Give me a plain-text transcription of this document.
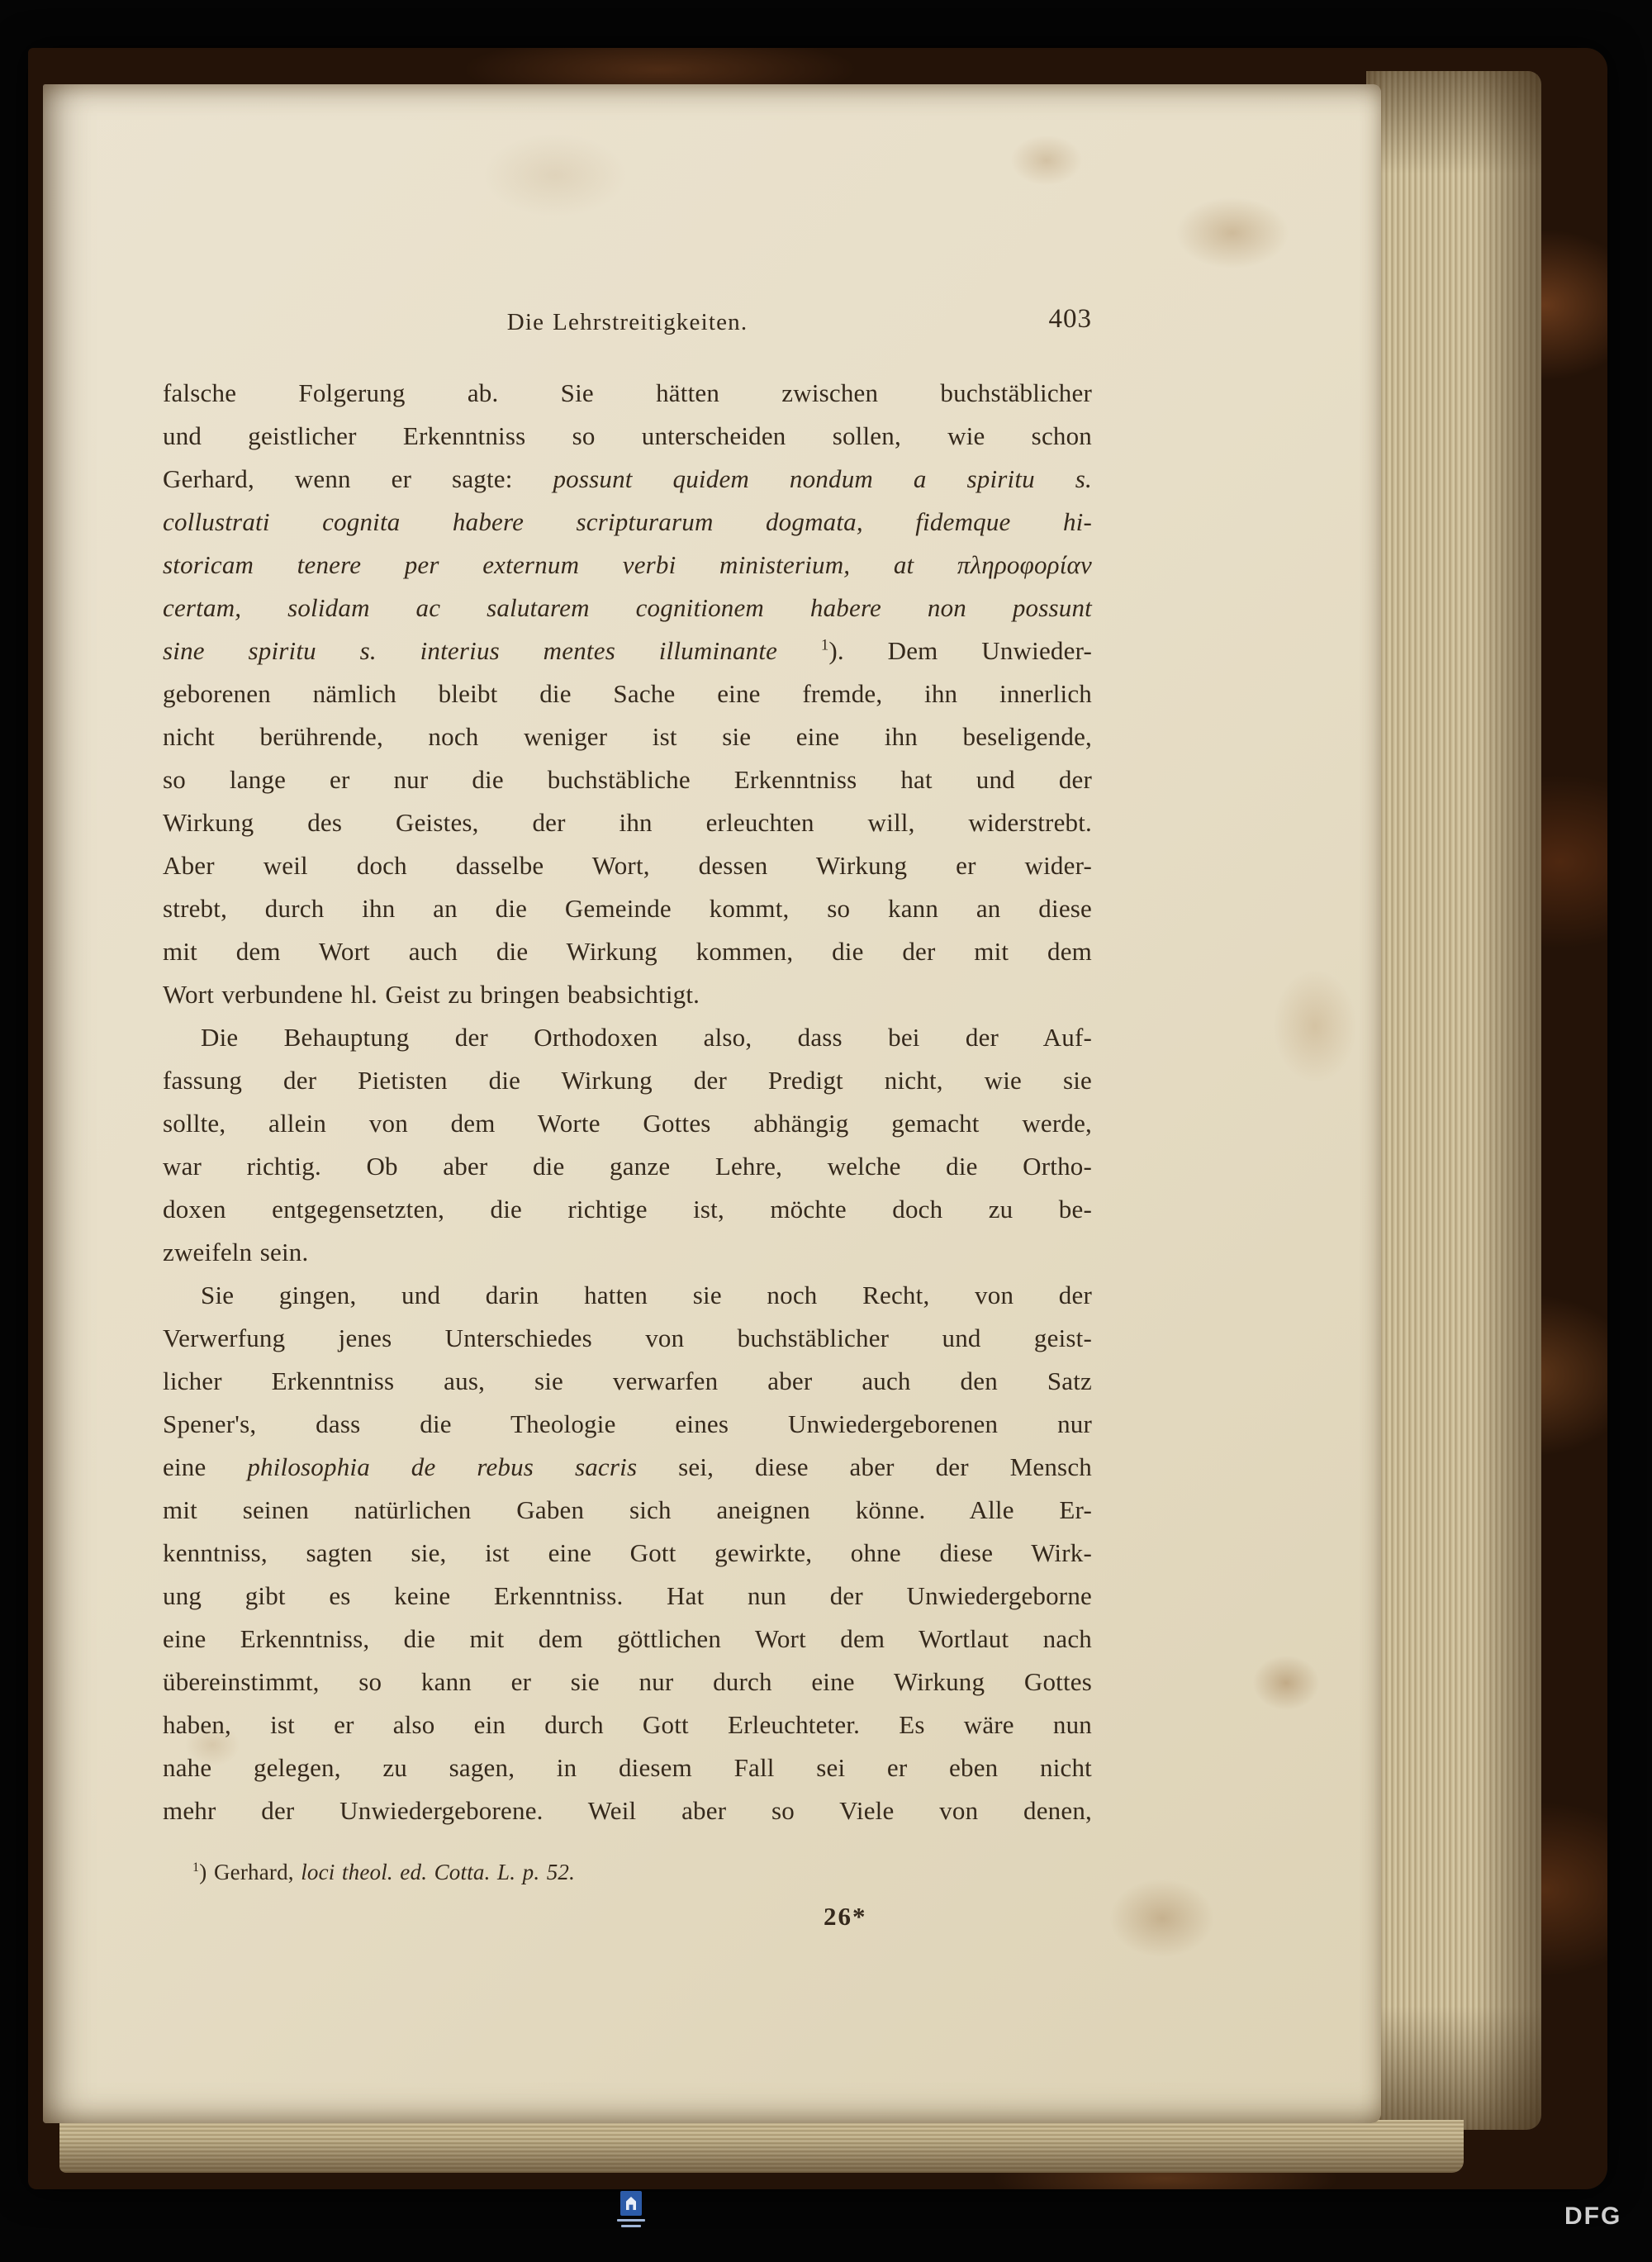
Die Lehrstreitigkeiten.	403
falsche Folgerung ab. Sie hätten zwischen buchstäblicher
und geistlicher Erkenntniss so unterscheiden sollen, wie schon
Gerhard, wenn er sagte: possunt quidem nondum a spiritu s.
collustrati cognita habere scripturarum dogmata, fidemque hi-
storicam tenere per externum verbi ministerium, at πληροφορίαν
certam, solidam ac salutarem cognitionem habere non possunt
sine spiritu s. interius mentes illuminante $^1$). Dem Unwieder-
geborenen nämlich bleibt die Sache eine fremde, ihn innerlich
nicht berührende, noch weniger ist sie eine ihn beseligende,
so lange er nur die buchstäbliche Erkenntniss hat und der
Wirkung des Geistes, der ihn erleuchten will, widerstrebt.
Aber weil doch dasselbe Wort, dessen Wirkung er wider-
strebt, durch ihn an die Gemeinde kommt, so kann an diese
mit dem Wort auch die Wirkung kommen, die der mit dem
Wort verbundene hl. Geist zu bringen beabsichtigt.
Die Behauptung der Orthodoxen also, dass bei der Auf-
fassung der Pietisten die Wirkung der Predigt nicht, wie sie
sollte, allein von dem Worte Gottes abhängig gemacht werde,
war richtig. Ob aber die ganze Lehre, welche die Ortho-
doxen entgegensetzten, die richtige ist, möchte doch zu be-
zweifeln sein.
Sie gingen, und darin hatten sie noch Recht, von der
Verwerfung jenes Unterschiedes von buchstäblicher und geist-
licher Erkenntniss aus, sie verwarfen aber auch den Satz
Spener's, dass die Theologie eines Unwiedergeborenen nur
eine philosophia de rebus sacris sei, diese aber der Mensch
mit seinen natürlichen Gaben sich aneignen könne. Alle Er-
kenntniss, sagten sie, ist eine Gott gewirkte, ohne diese Wirk-
ung gibt es keine Erkenntniss. Hat nun der Unwiedergeborne
eine Erkenntniss, die mit dem göttlichen Wort dem Wortlaut nach
übereinstimmt, so kann er sie nur durch eine Wirkung Gottes
haben, ist er also ein durch Gott Erleuchteter. Es wäre nun
nahe gelegen, zu sagen, in diesem Fall sei er eben nicht
mehr der Unwiedergeborene. Weil aber so Viele von denen,
$^1$) Gerhard, loci theol. ed. Cotta. L. p. 52.
26*
DFG
